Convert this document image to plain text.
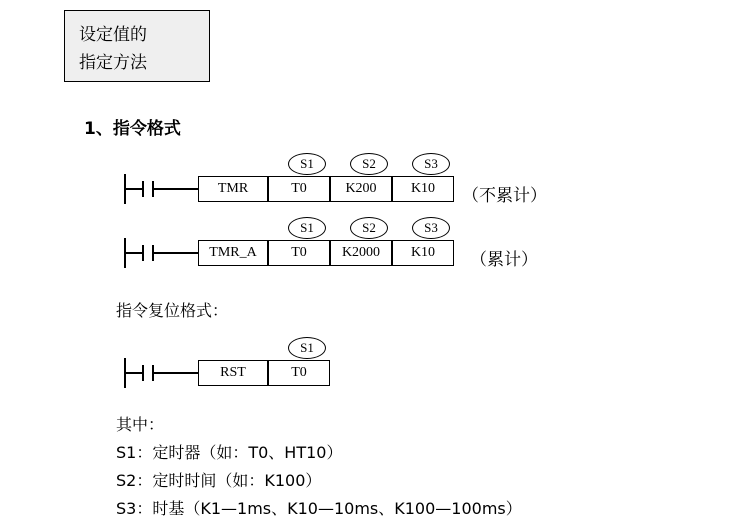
设定值的
指定方法
1、指令格式
S1	S2	S3
TMR	T0	K200	K10	（不累计）
S1	S2	S3
TMR_A	T0	K2000	K10	（累计）
指令复位格式：
S1
RST	T0
其中：
S1：定时器（如：T0、HT10）
S2：定时时间（如：K100）
S3：时基（K1—1ms、K10—10ms、K100—100ms）
